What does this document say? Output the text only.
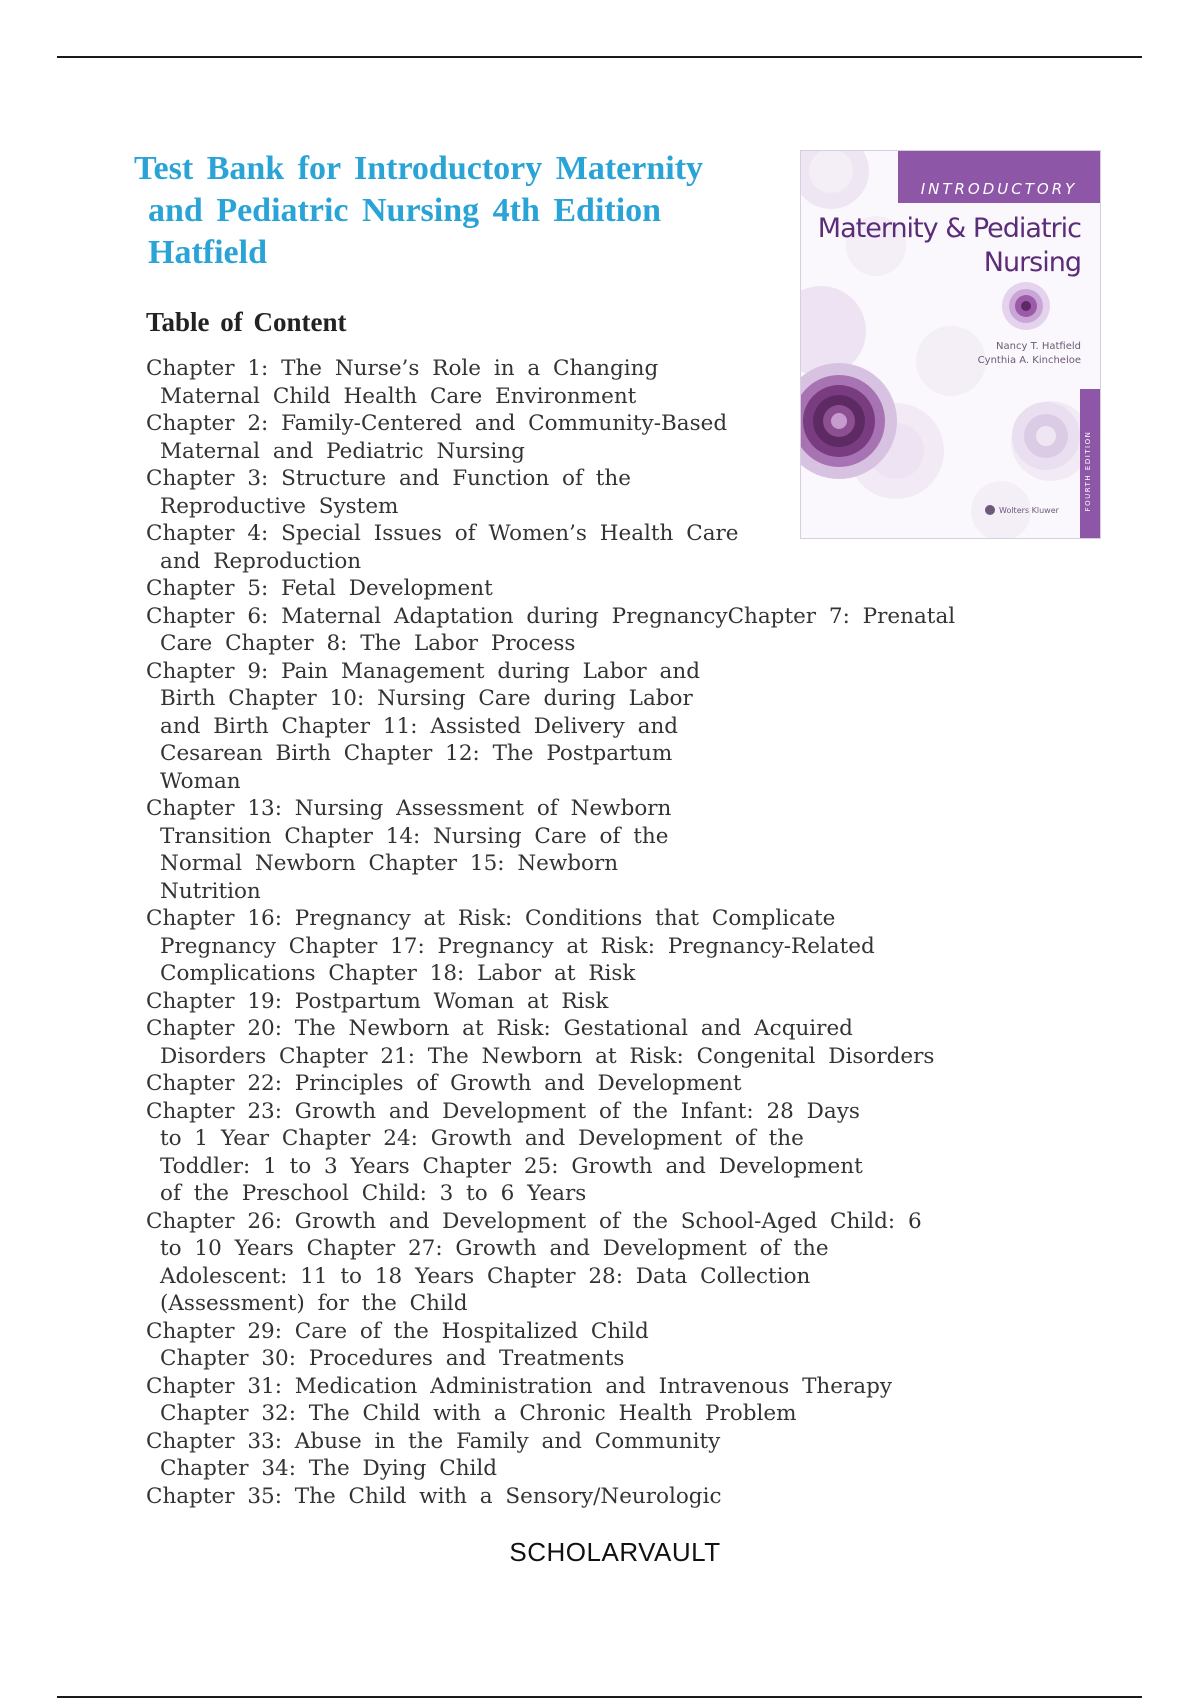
Test Bank for Introductory Maternity
and Pediatric Nursing 4th Edition
Hatfield
Table of Content
Chapter 1: The Nurse’s Role in a Changing
Maternal Child Health Care Environment
Chapter 2: Family-Centered and Community-Based
Maternal and Pediatric Nursing
Chapter 3: Structure and Function of the
Reproductive System
Chapter 4: Special Issues of Women’s Health Care
and Reproduction
Chapter 5: Fetal Development
Chapter 6: Maternal Adaptation during PregnancyChapter 7: Prenatal
Care Chapter 8: The Labor Process
Chapter 9: Pain Management during Labor and
Birth Chapter 10: Nursing Care during Labor
and Birth Chapter 11: Assisted Delivery and
Cesarean Birth Chapter 12: The Postpartum
Woman
Chapter 13: Nursing Assessment of Newborn
Transition Chapter 14: Nursing Care of the
Normal Newborn Chapter 15: Newborn
Nutrition
Chapter 16: Pregnancy at Risk: Conditions that Complicate
Pregnancy Chapter 17: Pregnancy at Risk: Pregnancy-Related
Complications Chapter 18: Labor at Risk
Chapter 19: Postpartum Woman at Risk
Chapter 20: The Newborn at Risk: Gestational and Acquired
Disorders Chapter 21: The Newborn at Risk: Congenital Disorders
Chapter 22: Principles of Growth and Development
Chapter 23: Growth and Development of the Infant: 28 Days
to 1 Year Chapter 24: Growth and Development of the
Toddler: 1 to 3 Years Chapter 25: Growth and Development
of the Preschool Child: 3 to 6 Years
Chapter 26: Growth and Development of the School-Aged Child: 6
to 10 Years Chapter 27: Growth and Development of the
Adolescent: 11 to 18 Years Chapter 28: Data Collection
(Assessment) for the Child
Chapter 29: Care of the Hospitalized Child
Chapter 30: Procedures and Treatments
Chapter 31: Medication Administration and Intravenous Therapy
Chapter 32: The Child with a Chronic Health Problem
Chapter 33: Abuse in the Family and Community
Chapter 34: The Dying Child
Chapter 35: The Child with a Sensory/Neurologic
INTRODUCTORY
Maternity & Pediatric
Nursing
Nancy T. Hatfield
Cynthia A. Kincheloe
FOURTH EDITION
Wolters Kluwer
SCHOLARVAULT
